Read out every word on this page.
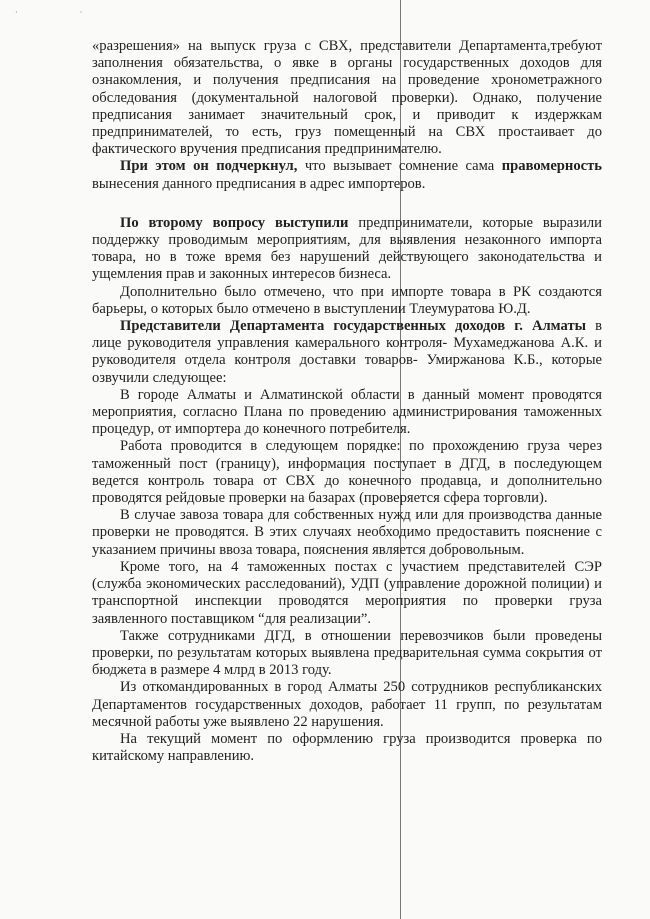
· ·

«разрешения» на выпуск груза с СВХ, представители Департамента,требуют заполнения обязательства, о явке в органы государственных доходов для ознакомления, и получения предписания на проведение хронометражного обследования (документальной налоговой проверки). Однако, получение предписания занимает значительный срок, и приводит к издержкам предпринимателей, то есть, груз помещенный на СВХ простаивает до фактического вручения предписания предпринимателю.

При этом он подчеркнул, что вызывает сомнение сама правомерность вынесения данного предписания в адрес импортеров.

По второму вопросу выступили предприниматели, которые выразили поддержку проводимым мероприятиям, для выявления незаконного импорта товара, но в тоже время без нарушений действующего законодательства и ущемления прав и законных интересов бизнеса.

Дополнительно было отмечено, что при импорте товара в РК создаются барьеры, о которых было отмечено в выступлении Тлеумуратова Ю.Д.

Представители Департамента государственных доходов г. Алматы в лице руководителя управления камерального контроля- Мухамеджанова А.К. и руководителя отдела контроля доставки товаров- Умиржанова К.Б., которые озвучили следующее:

В городе Алматы и Алматинской области в данный момент проводятся мероприятия, согласно Плана по проведению администрирования таможенных процедур, от импортера до конечного потребителя.

Работа проводится в следующем порядке: по прохождению груза через таможенный пост (границу), информация поступает в ДГД, в последующем ведется контроль товара от СВХ до конечного продавца, и дополнительно проводятся рейдовые проверки на базарах (проверяется сфера торговли).

В случае завоза товара для собственных нужд или для производства данные проверки не проводятся. В этих случаях необходимо предоставить пояснение с указанием причины ввоза товара, пояснения является добровольным.

Кроме того, на 4 таможенных постах с участием представителей СЭР (служба экономических расследований), УДП (управление дорожной полиции) и транспортной инспекции проводятся мероприятия по проверки груза заявленного поставщиком “для реализации”.

Также сотрудниками ДГД, в отношении перевозчиков были проведены проверки, по результатам которых выявлена предварительная сумма сокрытия от бюджета в размере 4 млрд в 2013 году.

Из откомандированных в город Алматы 250 сотрудников республиканских Департаментов государственных доходов, работает 11 групп, по результатам месячной работы уже выявлено 22 нарушения.

На текущий момент по оформлению груза производится проверка по китайскому направлению.
